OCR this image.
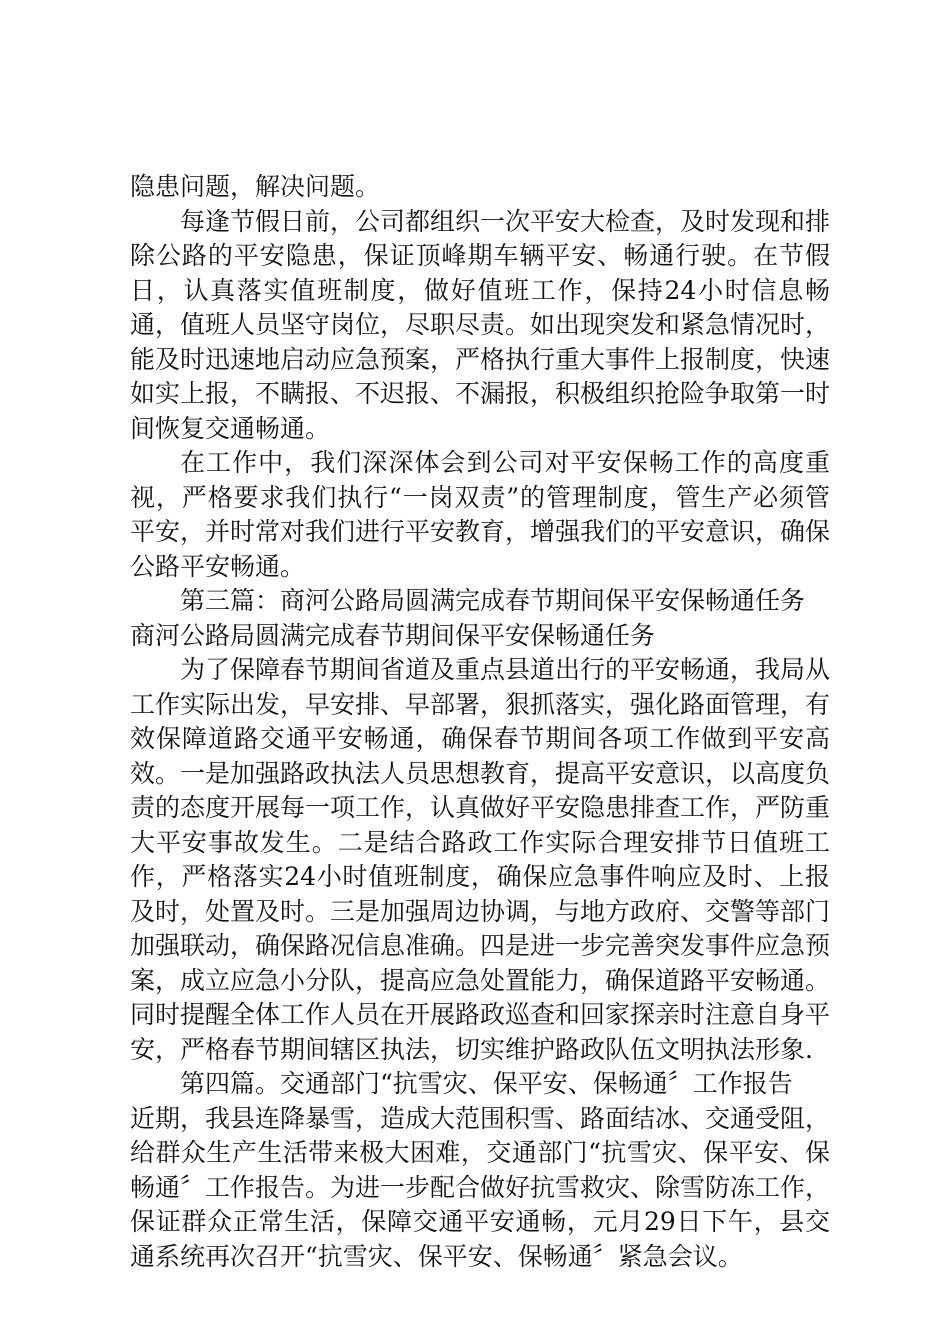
隐患问题，解决问题。

每逢节假日前，公司都组织一次平安大检查，及时发现和排除公路的平安隐患，保证顶峰期车辆平安、畅通行驶。在节假日，认真落实值班制度，做好值班工作，保持24小时信息畅通，值班人员坚守岗位，尽职尽责。如出现突发和紧急情况时，能及时迅速地启动应急预案，严格执行重大事件上报制度，快速如实上报，不瞒报、不迟报、不漏报，积极组织抢险争取第一时间恢复交通畅通。

在工作中，我们深深体会到公司对平安保畅工作的高度重视，严格要求我们执行“一岗双责”的管理制度，管生产必须管平安，并时常对我们进行平安教育，增强我们的平安意识，确保公路平安畅通。

第三篇：商河公路局圆满完成春节期间保平安保畅通任务

商河公路局圆满完成春节期间保平安保畅通任务

为了保障春节期间省道及重点县道出行的平安畅通，我局从工作实际出发，早安排、早部署，狠抓落实，强化路面管理，有效保障道路交通平安畅通，确保春节期间各项工作做到平安高效。一是加强路政执法人员思想教育，提高平安意识，以高度负责的态度开展每一项工作，认真做好平安隐患排查工作，严防重大平安事故发生。二是结合路政工作实际合理安排节日值班工作，严格落实24小时值班制度，确保应急事件响应及时、上报及时，处置及时。三是加强周边协调，与地方政府、交警等部门加强联动，确保路况信息准确。四是进一步完善突发事件应急预案，成立应急小分队，提高应急处置能力，确保道路平安畅通。同时提醒全体工作人员在开展路政巡查和回家探亲时注意自身平安，严格春节期间辖区执法，切实维护路政队伍文明执法形象.

第四篇。交通部门“抗雪灾、保平安、保畅通〞工作报告

近期，我县连降暴雪，造成大范围积雪、路面结冰、交通受阻，给群众生产生活带来极大困难，交通部门“抗雪灾、保平安、保畅通〞工作报告。为进一步配合做好抗雪救灾、除雪防冻工作，保证群众正常生活，保障交通平安通畅，元月29日下午，县交通系统再次召开“抗雪灾、保平安、保畅通〞紧急会议。
